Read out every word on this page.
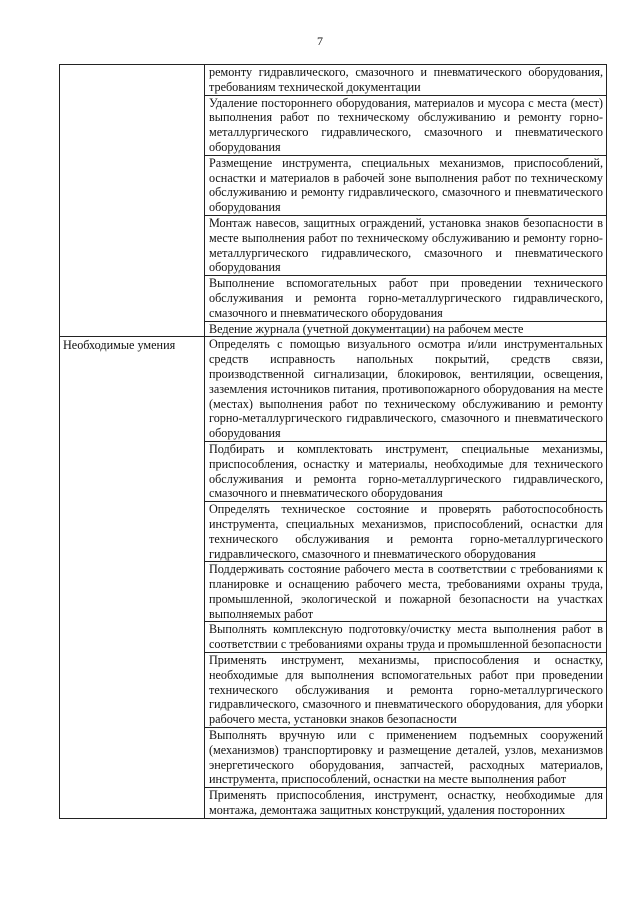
7
	ремонту гидравлического, смазочного и пневматического оборудования, требованиям технической документации
	Удаление постороннего оборудования, материалов и мусора с места (мест) выполнения работ по техническому обслуживанию и ремонту горно-металлургического гидравлического, смазочного и пневматического оборудования
	Размещение инструмента, специальных механизмов, приспособлений, оснастки и материалов в рабочей зоне выполнения работ по техническому обслуживанию и ремонту гидравлического, смазочного и пневматического оборудования
	Монтаж навесов, защитных ограждений, установка знаков безопасности в месте выполнения работ по техническому обслуживанию и ремонту горно-металлургического гидравлического, смазочного и пневматического оборудования
	Выполнение вспомогательных работ при проведении технического обслуживания и ремонта горно-металлургического гидравлического, смазочного и пневматического оборудования
	Ведение журнала (учетной документации) на рабочем месте
Необходимые умения	Определять с помощью визуального осмотра и/или инструментальных средств исправность напольных покрытий, средств связи, производственной сигнализации, блокировок, вентиляции, освещения, заземления источников питания, противопожарного оборудования на месте (местах) выполнения работ по техническому обслуживанию и ремонту горно-металлургического гидравлического, смазочного и пневматического оборудования
	Подбирать и комплектовать инструмент, специальные механизмы, приспособления, оснастку и материалы, необходимые для технического обслуживания и ремонта горно-металлургического гидравлического, смазочного и пневматического оборудования
	Определять техническое состояние и проверять работоспособность инструмента, специальных механизмов, приспособлений, оснастки для технического обслуживания и ремонта горно-металлургического гидравлического, смазочного и пневматического оборудования
	Поддерживать состояние рабочего места в соответствии с требованиями к планировке и оснащению рабочего места, требованиями охраны труда, промышленной, экологической и пожарной безопасности на участках выполняемых работ
	Выполнять комплексную подготовку/очистку места выполнения работ в соответствии с требованиями охраны труда и промышленной безопасности
	Применять инструмент, механизмы, приспособления и оснастку, необходимые для выполнения вспомогательных работ при проведении технического обслуживания и ремонта горно-металлургического гидравлического, смазочного и пневматического оборудования, для уборки рабочего места, установки знаков безопасности
	Выполнять вручную или с применением подъемных сооружений (механизмов) транспортировку и размещение деталей, узлов, механизмов энергетического оборудования, запчастей, расходных материалов, инструмента, приспособлений, оснастки на месте выполнения работ
	Применять приспособления, инструмент, оснастку, необходимые для монтажа, демонтажа защитных конструкций, удаления посторонних
